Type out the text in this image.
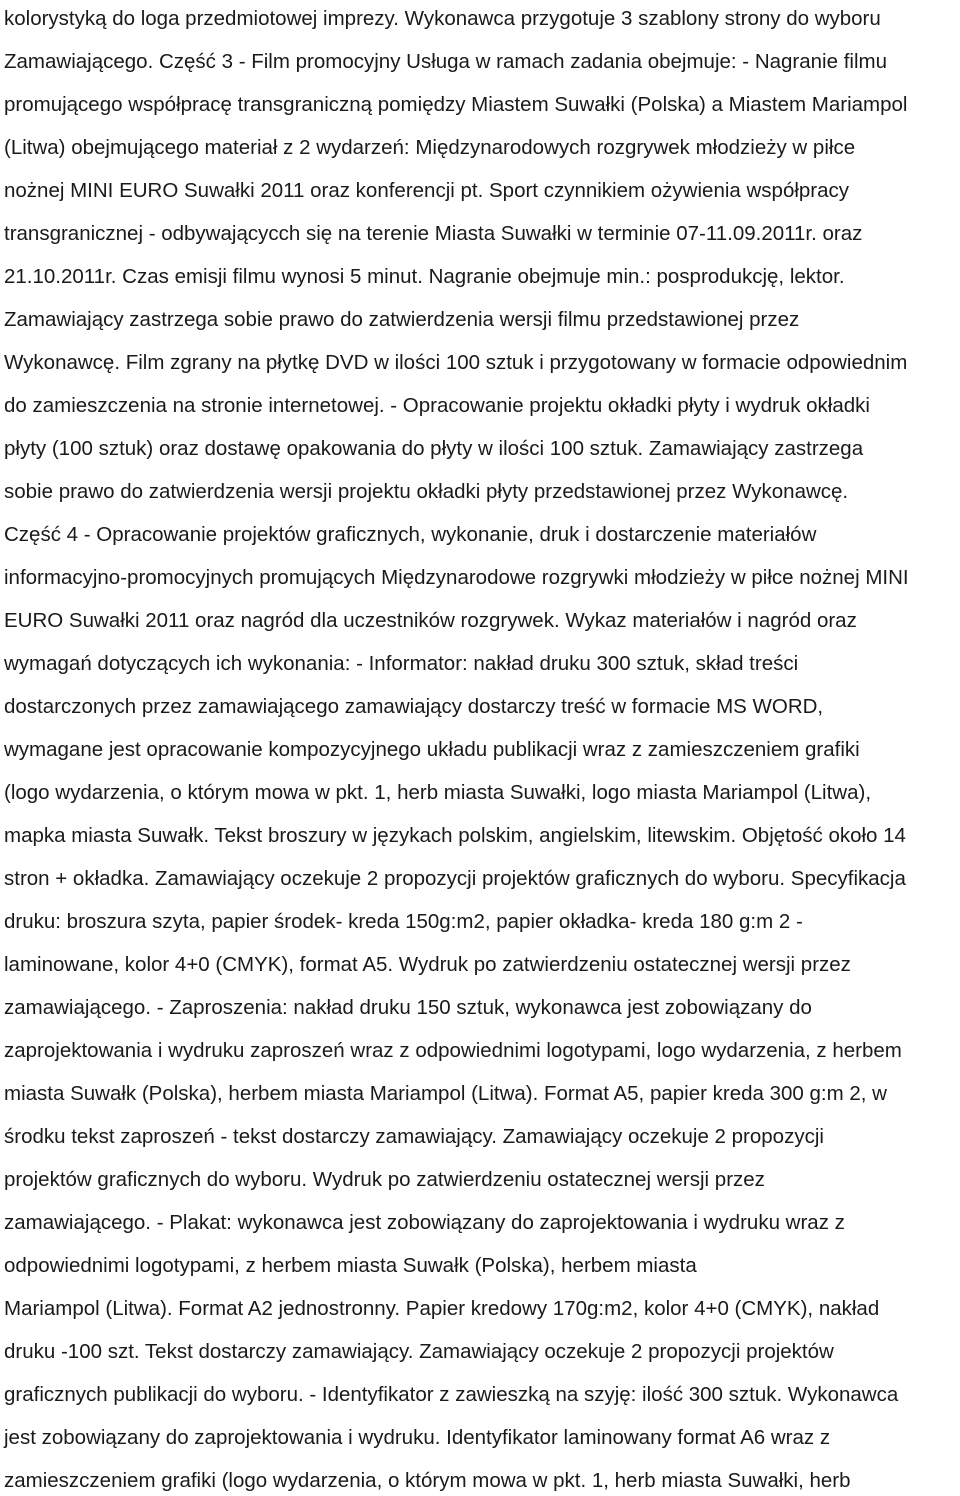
kolorystyką do loga przedmiotowej imprezy. Wykonawca przygotuje 3 szablony strony do wyboru
Zamawiającego. Część 3 - Film promocyjny Usługa w ramach zadania obejmuje: - Nagranie filmu
promującego współpracę transgraniczną pomiędzy Miastem Suwałki (Polska) a Miastem Mariampol
(Litwa) obejmującego materiał z 2 wydarzeń: Międzynarodowych rozgrywek młodzieży w piłce
nożnej MINI EURO Suwałki 2011 oraz konferencji pt. Sport czynnikiem ożywienia współpracy
transgranicznej - odbywającycch się na terenie Miasta Suwałki w terminie 07-11.09.2011r. oraz
21.10.2011r. Czas emisji filmu wynosi 5 minut. Nagranie obejmuje min.: posprodukcję, lektor.
Zamawiający zastrzega sobie prawo do zatwierdzenia wersji filmu przedstawionej przez
Wykonawcę. Film zgrany na płytkę DVD w ilości 100 sztuk i przygotowany w formacie odpowiednim
do zamieszczenia na stronie internetowej. - Opracowanie projektu okładki płyty i wydruk okładki
płyty (100 sztuk) oraz dostawę opakowania do płyty w ilości 100 sztuk. Zamawiający zastrzega
sobie prawo do zatwierdzenia wersji projektu okładki płyty przedstawionej przez Wykonawcę.
Część 4 - Opracowanie projektów graficznych, wykonanie, druk i dostarczenie materiałów
informacyjno-promocyjnych promujących Międzynarodowe rozgrywki młodzieży w piłce nożnej MINI
EURO Suwałki 2011 oraz nagród dla uczestników rozgrywek. Wykaz materiałów i nagród oraz
wymagań dotyczących ich wykonania: - Informator: nakład druku 300 sztuk, skład treści
dostarczonych przez zamawiającego zamawiający dostarczy treść w formacie MS WORD,
wymagane jest opracowanie kompozycyjnego układu publikacji wraz z zamieszczeniem grafiki
(logo wydarzenia, o którym mowa w pkt. 1, herb miasta Suwałki, logo miasta Mariampol (Litwa),
mapka miasta Suwałk. Tekst broszury w językach polskim, angielskim, litewskim. Objętość około 14
stron + okładka. Zamawiający oczekuje 2 propozycji projektów graficznych do wyboru. Specyfikacja
druku: broszura szyta, papier środek- kreda 150g:m2, papier okładka- kreda 180 g:m 2 -
laminowane, kolor 4+0 (CMYK), format A5. Wydruk po zatwierdzeniu ostatecznej wersji przez
zamawiającego. - Zaproszenia: nakład druku 150 sztuk, wykonawca jest zobowiązany do
zaprojektowania i wydruku zaproszeń wraz z odpowiednimi logotypami, logo wydarzenia, z herbem
miasta Suwałk (Polska), herbem miasta Mariampol (Litwa). Format A5, papier kreda 300 g:m 2, w
środku tekst zaproszeń - tekst dostarczy zamawiający. Zamawiający oczekuje 2 propozycji
projektów graficznych do wyboru. Wydruk po zatwierdzeniu ostatecznej wersji przez
zamawiającego. - Plakat: wykonawca jest zobowiązany do zaprojektowania i wydruku wraz z
odpowiednimi logotypami, z herbem miasta Suwałk (Polska), herbem miasta
Mariampol (Litwa). Format A2 jednostronny. Papier kredowy 170g:m2, kolor 4+0 (CMYK), nakład
druku -100 szt. Tekst dostarczy zamawiający. Zamawiający oczekuje 2 propozycji projektów
graficznych publikacji do wyboru. - Identyfikator z zawieszką na szyję: ilość 300 sztuk. Wykonawca
jest zobowiązany do zaprojektowania i wydruku. Identyfikator laminowany format A6 wraz z
zamieszczeniem grafiki (logo wydarzenia, o którym mowa w pkt. 1, herb miasta Suwałki, herb
